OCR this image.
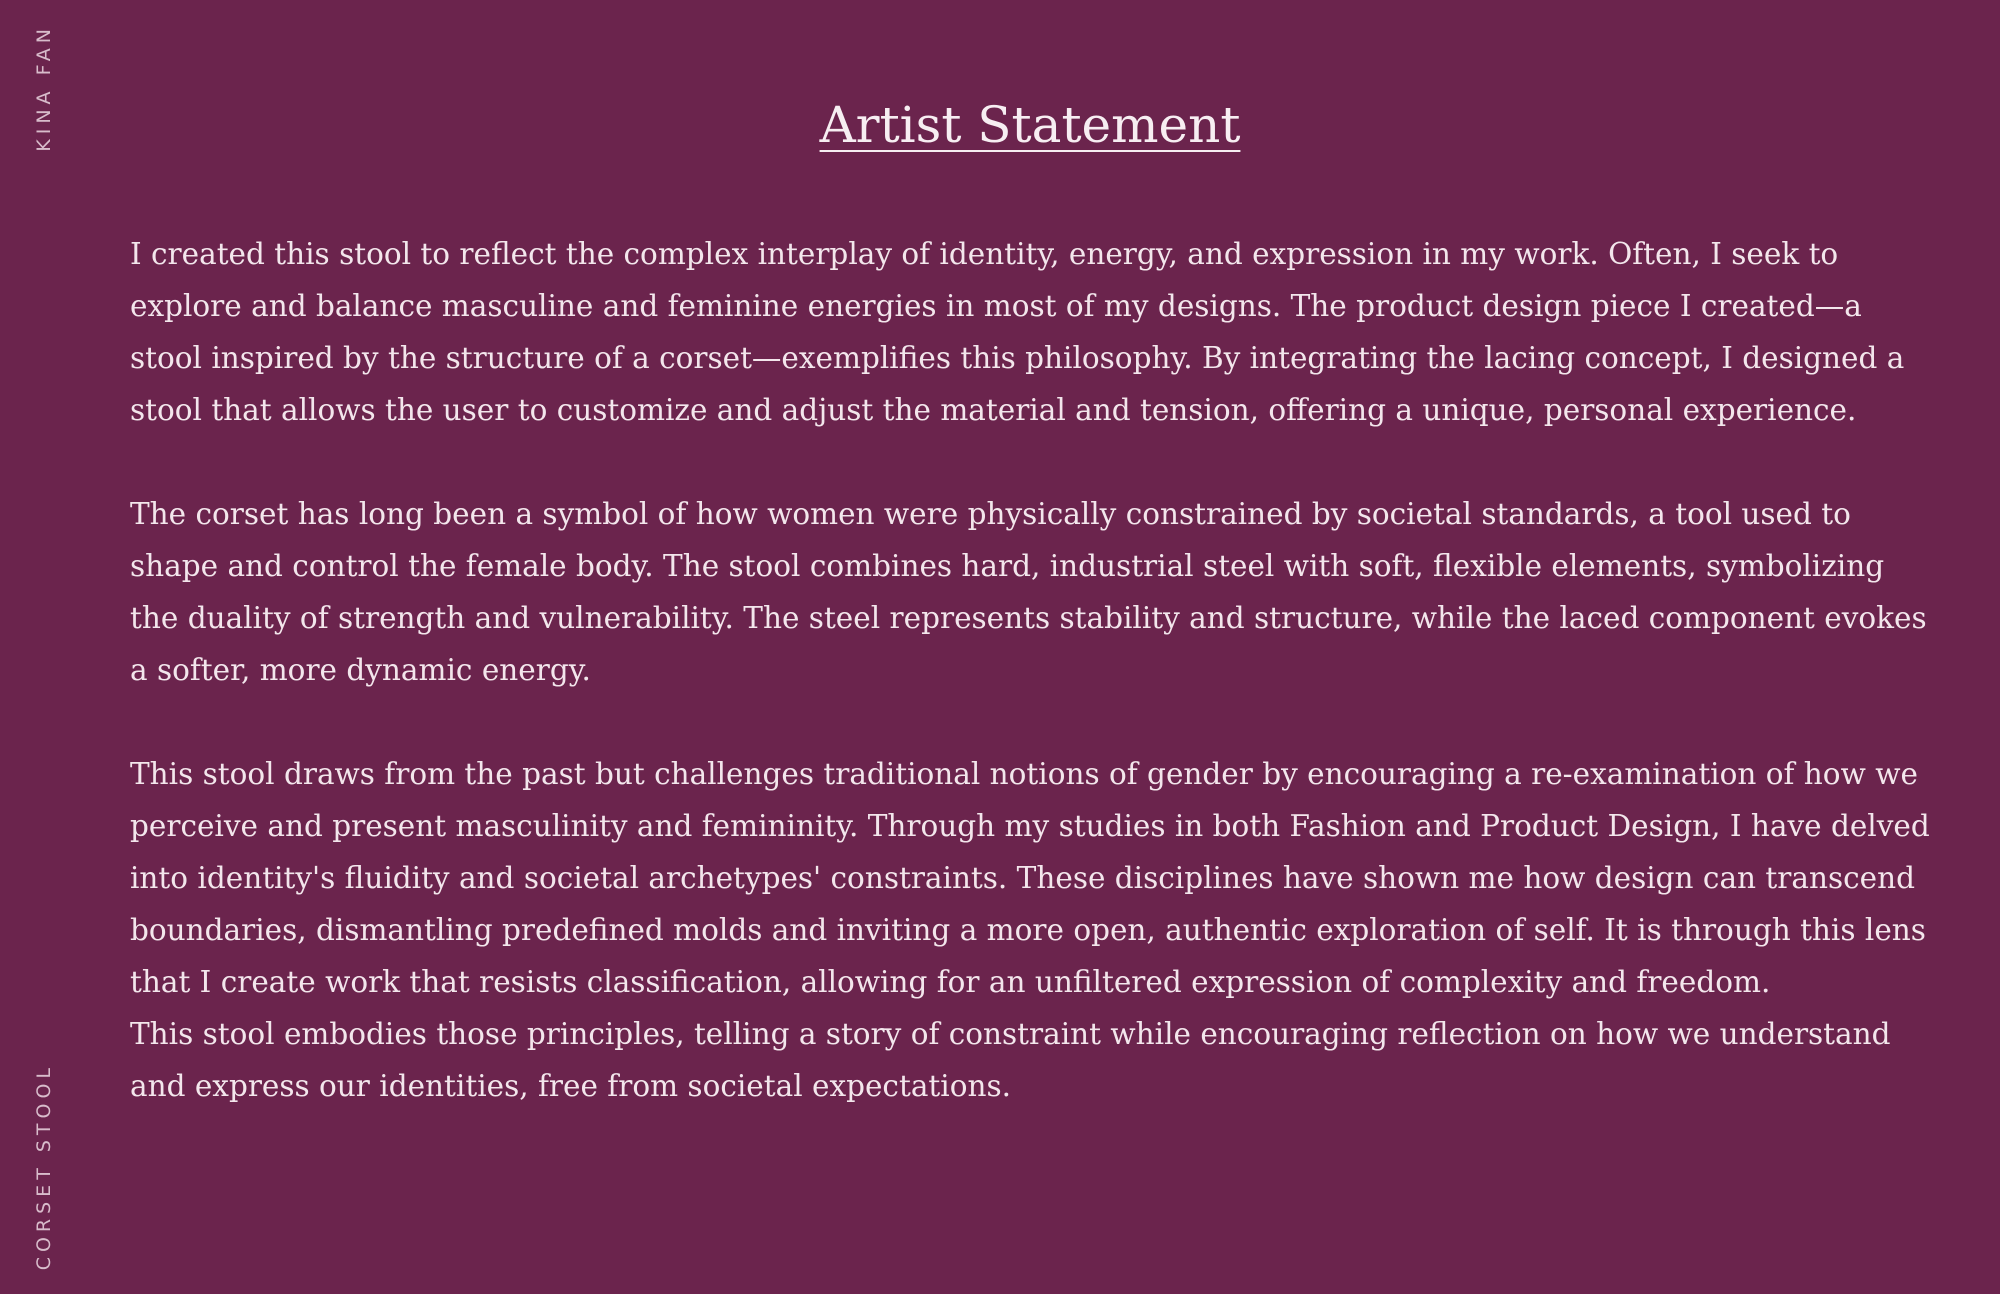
KINA FAN
CORSET STOOL
Artist Statement

I created this stool to reflect the complex interplay of identity, energy, and expression in my work. Often, I seek to explore and balance masculine and feminine energies in most of my designs. The product design piece I created—a stool inspired by the structure of a corset—exemplifies this philosophy. By integrating the lacing concept, I designed a stool that allows the user to customize and adjust the material and tension, offering a unique, personal experience.

The corset has long been a symbol of how women were physically constrained by societal standards, a tool used to shape and control the female body. The stool combines hard, industrial steel with soft, flexible elements, symbolizing the duality of strength and vulnerability. The steel represents stability and structure, while the laced component evokes a softer, more dynamic energy.

This stool draws from the past but challenges traditional notions of gender by encouraging a re-examination of how we perceive and present masculinity and femininity. Through my studies in both Fashion and Product Design, I have delved into identity's fluidity and societal archetypes' constraints. These disciplines have shown me how design can transcend boundaries, dismantling predefined molds and inviting a more open, authentic exploration of self. It is through this lens that I create work that resists classification, allowing for an unfiltered expression of complexity and freedom.

This stool embodies those principles, telling a story of constraint while encouraging reflection on how we understand and express our identities, free from societal expectations.
